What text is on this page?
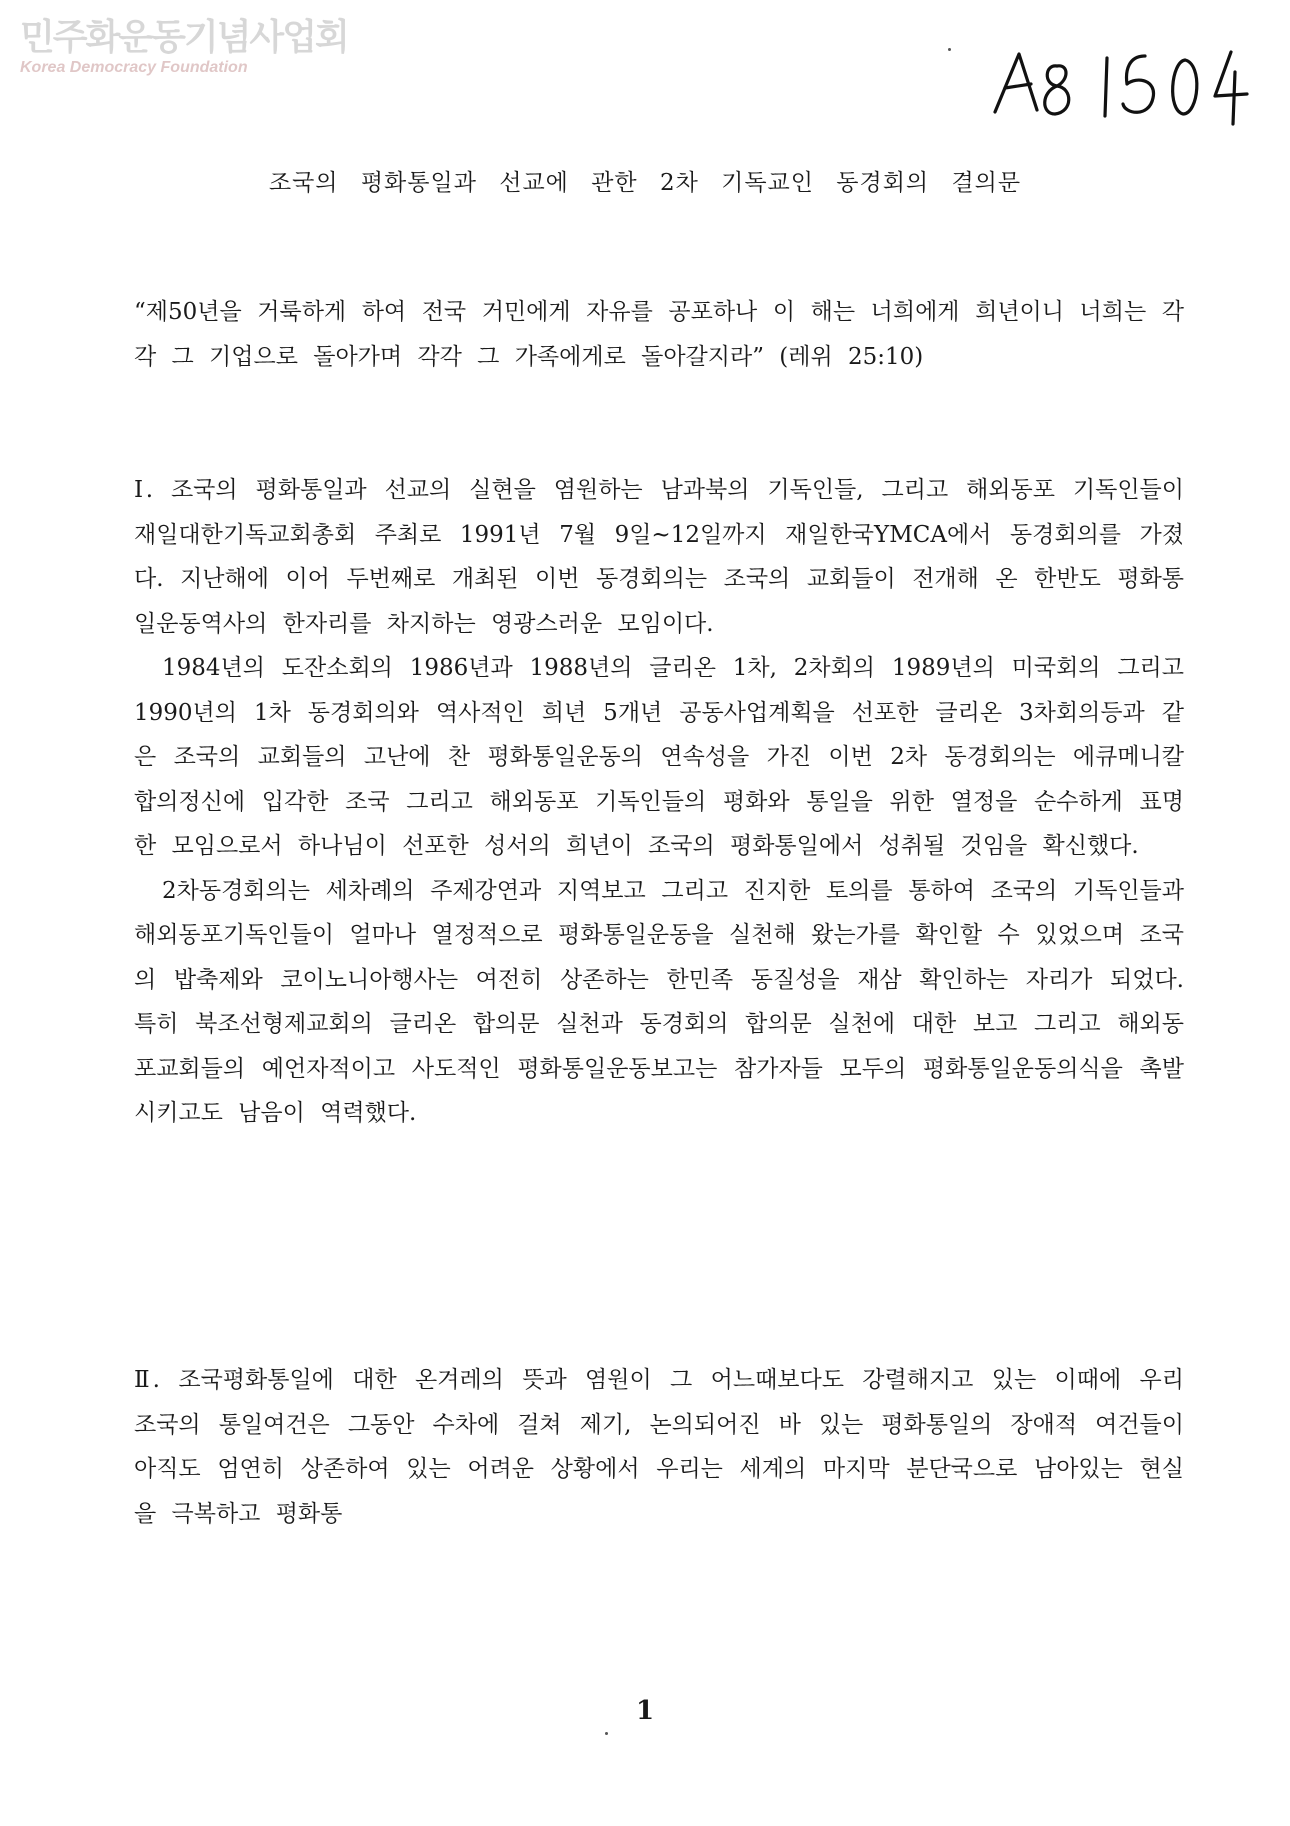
민주화운동기념사업회
Korea Democracy Foundation
A8 15047
조국의 평화통일과 선교에 관한 2차 기독교인 동경회의 결의문

“제50년을 거룩하게 하여 전국 거민에게 자유를 공포하나 이 해는 너희에게 희년이니 너희는 각각 그 기업으로 돌아가며 각각 그 가족에게로 돌아갈지라” (레위 25:10)

Ⅰ. 조국의 평화통일과 선교의 실현을 염원하는 남과북의 기독인들, 그리고 해외동포 기독인들이 재일대한기독교회총회 주최로 1991년 7월 9일~12일까지 재일한국YMCA에서 동경회의를 가졌다. 지난해에 이어 두번째로 개최된 이번 동경회의는 조국의 교회들이 전개해 온 한반도 평화통일운동역사의 한자리를 차지하는 영광스러운 모임이다.

1984년의 도잔소회의 1986년과 1988년의 글리온 1차, 2차회의 1989년의 미국회의 그리고 1990년의 1차 동경회의와 역사적인 희년 5개년 공동사업계획을 선포한 글리온 3차회의등과 같은 조국의 교회들의 고난에 찬 평화통일운동의 연속성을 가진 이번 2차 동경회의는 에큐메니칼 합의정신에 입각한 조국 그리고 해외동포 기독인들의 평화와 통일을 위한 열정을 순수하게 표명한 모임으로서 하나님이 선포한 성서의 희년이 조국의 평화통일에서 성취될 것임을 확신했다.

2차동경회의는 세차례의 주제강연과 지역보고 그리고 진지한 토의를 통하여 조국의 기독인들과 해외동포기독인들이 얼마나 열정적으로 평화통일운동을 실천해 왔는가를 확인할 수 있었으며 조국의 밥축제와 코이노니아행사는 여전히 상존하는 한민족 동질성을 재삼 확인하는 자리가 되었다. 특히 북조선형제교회의 글리온 합의문 실천과 동경회의 합의문 실천에 대한 보고 그리고 해외동포교회들의 예언자적이고 사도적인 평화통일운동보고는 참가자들 모두의 평화통일운동의식을 촉발시키고도 남음이 역력했다.

Ⅱ. 조국평화통일에 대한 온겨레의 뜻과 염원이 그 어느때보다도 강렬해지고 있는 이때에 우리 조국의 통일여건은 그동안 수차에 걸쳐 제기, 논의되어진 바 있는 평화통일의 장애적 여건들이 아직도 엄연히 상존하여 있는 어려운 상황에서 우리는 세계의 마지막 분단국으로 남아있는 현실을 극복하고 평화통

1
